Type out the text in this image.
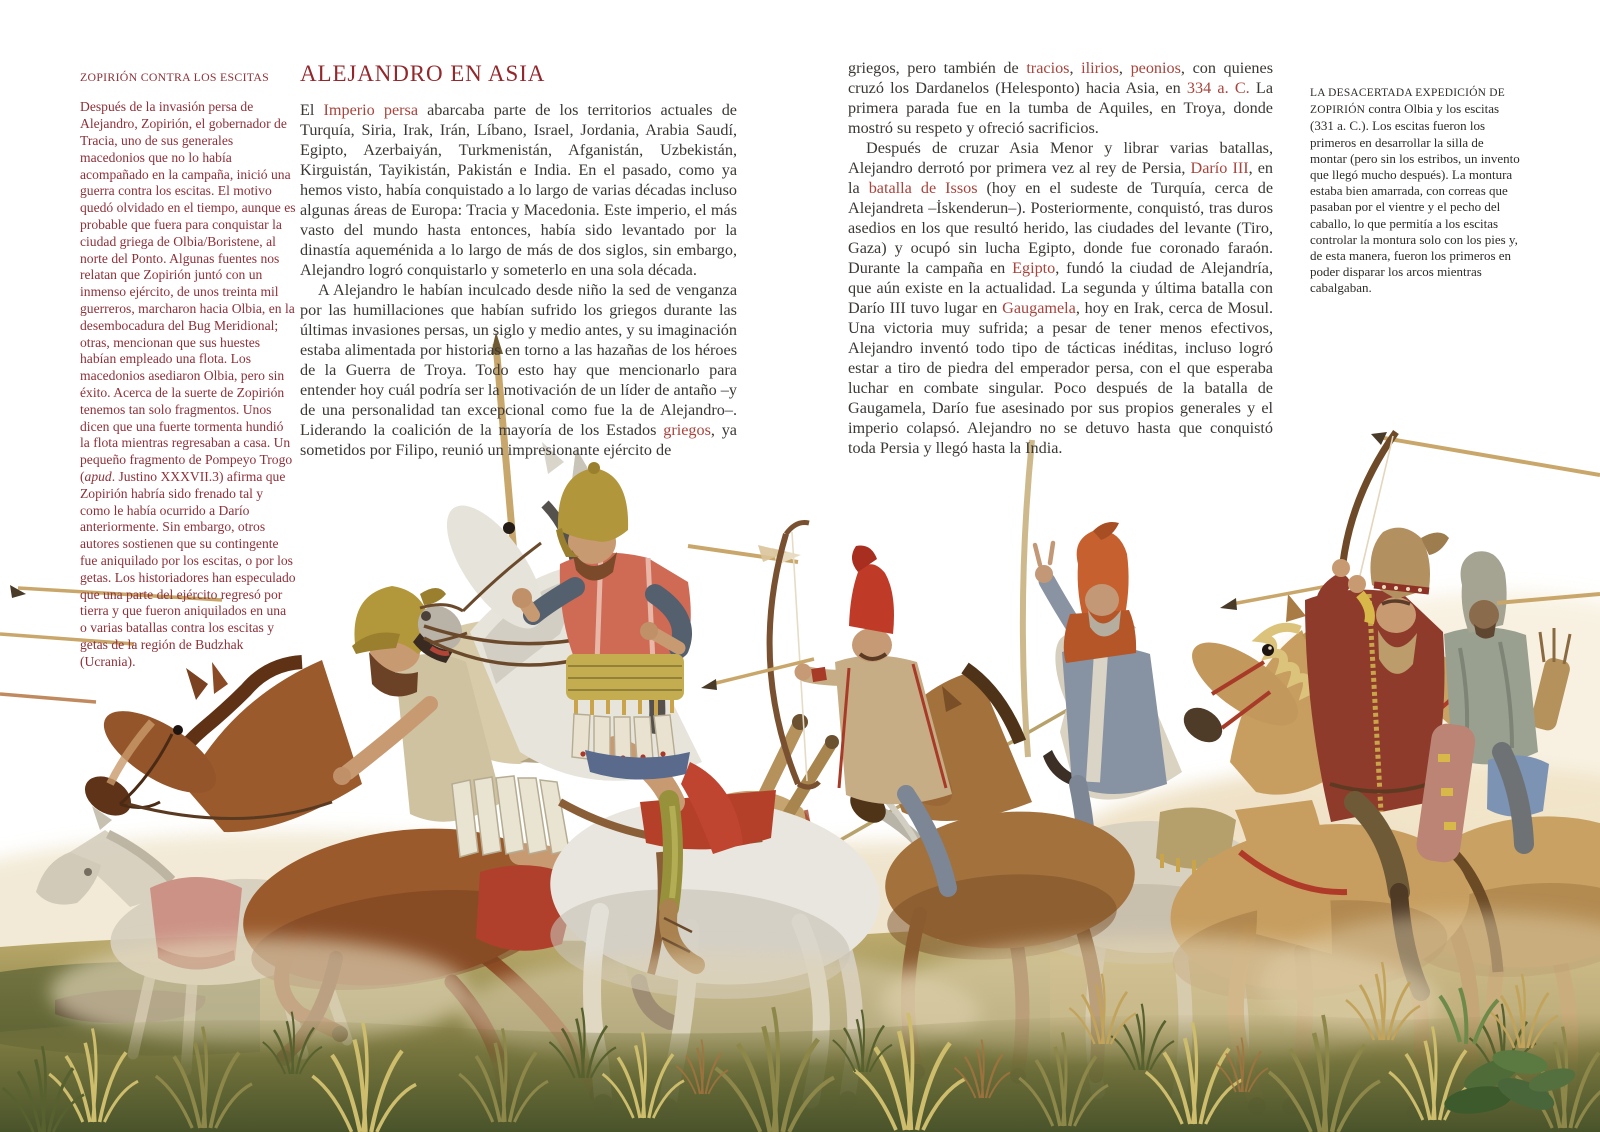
ZOPIRIÓN CONTRA LOS ESCITAS

Después de la invasión persa de Alejandro, Zopirión, el gobernador de Tracia, uno de sus generales macedonios que no lo había acompañado en la campaña, inició una guerra contra los escitas. El motivo quedó olvidado en el tiempo, aunque es probable que fuera para conquistar la ciudad griega de Olbia/Boristene, al norte del Ponto. Algunas fuentes nos relatan que Zopirión juntó con un inmenso ejército, de unos treinta mil guerreros, marcharon hacia Olbia, en la desembocadura del Bug Meridional; otras, mencionan que sus huestes habían empleado una flota. Los macedonios asediaron Olbia, pero sin éxito. Acerca de la suerte de Zopirión tenemos tan solo fragmentos. Unos dicen que una fuerte tormenta hundió la flota mientras regresaban a casa. Un pequeño fragmento de Pompeyo Trogo (apud. Justino XXXVII.3) afirma que Zopirión habría sido frenado tal y como le había ocurrido a Darío anteriormente. Sin embargo, otros autores sostienen que su contingente fue aniquilado por los escitas, o por los getas. Los historiadores han especulado que una parte del ejército regresó por tierra y que fueron aniquilados en una o varias batallas contra los escitas y getas de la región de Budzhak (Ucrania).

ALEJANDRO EN ASIA

El Imperio persa abarcaba parte de los territorios actuales de Turquía, Siria, Irak, Irán, Líbano, Israel, Jordania, Arabia Saudí, Egipto, Azerbaiyán, Turkmenistán, Afganistán, Uzbekistán, Kirguistán, Tayikistán, Pakistán e India. En el pasado, como ya hemos visto, había conquistado a lo largo de varias décadas incluso algunas áreas de Europa: Tracia y Macedonia. Este imperio, el más vasto del mundo hasta entonces, había sido levantado por la dinastía aqueménida a lo largo de más de dos siglos, sin embargo, Alejandro logró conquistarlo y someterlo en una sola década.

A Alejandro le habían inculcado desde niño la sed de venganza por las humillaciones que habían sufrido los griegos durante las últimas invasiones persas, un siglo y medio antes, y su imaginación estaba alimentada por historias en torno a las hazañas de los héroes de la Guerra de Troya. Todo esto hay que mencionarlo para entender hoy cuál podría ser la motivación de un líder de antaño –y de una personalidad tan excepcional como fue la de Alejandro–. Liderando la coalición de la mayoría de los Estados griegos, ya sometidos por Filipo, reunió un impresionante ejército de

griegos, pero también de tracios, ilirios, peonios, con quienes cruzó los Dardanelos (Helesponto) hacia Asia, en 334 a. C. La primera parada fue en la tumba de Aquiles, en Troya, donde mostró su respeto y ofreció sacrificios.

Después de cruzar Asia Menor y librar varias batallas, Alejandro derrotó por primera vez al rey de Persia, Darío III, en la batalla de Issos (hoy en el sudeste de Turquía, cerca de Alejandreta –İskenderun–). Posteriormente, conquistó, tras duros asedios en los que resultó herido, las ciudades del levante (Tiro, Gaza) y ocupó sin lucha Egipto, donde fue coronado faraón. Durante la campaña en Egipto, fundó la ciudad de Alejandría, que aún existe en la actualidad. La segunda y última batalla con Darío III tuvo lugar en Gaugamela, hoy en Irak, cerca de Mosul. Una victoria muy sufrida; a pesar de tener menos efectivos, Alejandro inventó todo tipo de tácticas inéditas, incluso logró estar a tiro de piedra del emperador persa, con el que esperaba luchar en combate singular. Poco después de la batalla de Gaugamela, Darío fue asesinado por sus propios generales y el imperio colapsó. Alejandro no se detuvo hasta que conquistó toda Persia y llegó hasta la India.

LA DESACERTADA EXPEDICIÓN DE ZOPIRIÓN contra Olbia y los escitas (331 a. C.). Los escitas fueron los primeros en desarrollar la silla de montar (pero sin los estribos, un invento que llegó mucho después). La montura estaba bien amarrada, con correas que pasaban por el vientre y el pecho del caballo, lo que permitía a los escitas controlar la montura solo con los pies y, de esta manera, fueron los primeros en poder disparar los arcos mientras cabalgaban.
